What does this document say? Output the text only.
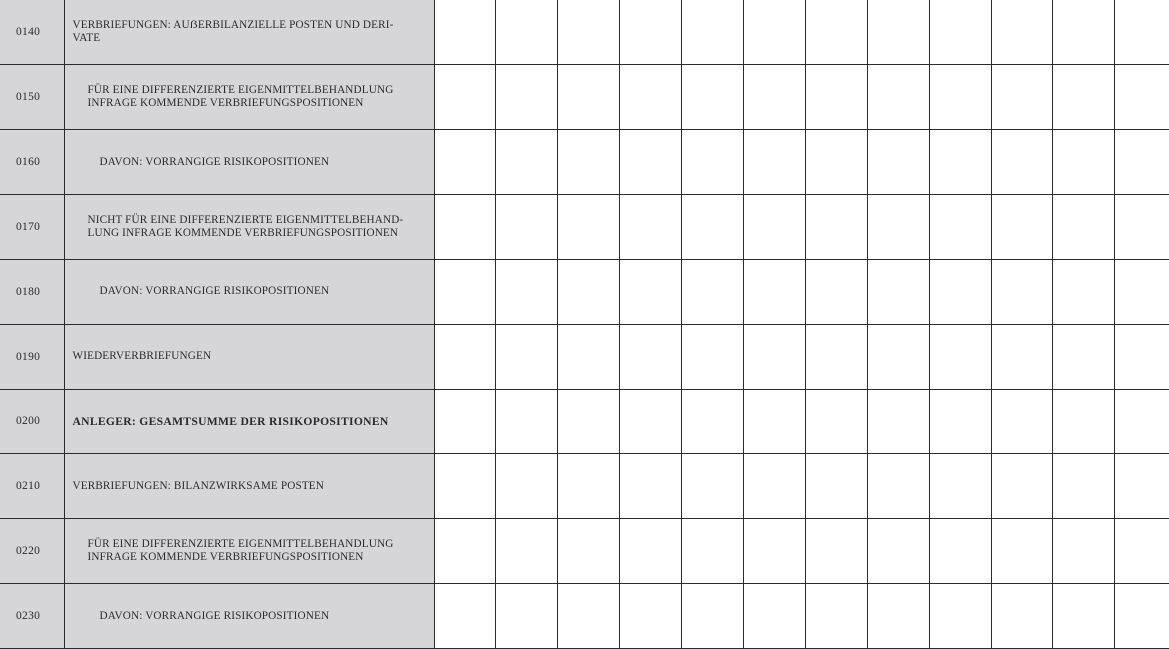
0140	VERBRIEFUNGEN: AUẞERBILANZIELLE POSTEN UND DERI-
VATE												
0150	FÜR EINE DIFFERENZIERTE EIGENMITTELBEHANDLUNG
INFRAGE KOMMENDE VERBRIEFUNGSPOSITIONEN												
0160	DAVON: VORRANGIGE RISIKOPOSITIONEN												
0170	NICHT FÜR EINE DIFFERENZIERTE EIGENMITTELBEHAND-
LUNG INFRAGE KOMMENDE VERBRIEFUNGSPOSITIONEN												
0180	DAVON: VORRANGIGE RISIKOPOSITIONEN												
0190	WIEDERVERBRIEFUNGEN												
0200	ANLEGER: GESAMTSUMME DER RISIKOPOSITIONEN												
0210	VERBRIEFUNGEN: BILANZWIRKSAME POSTEN												
0220	FÜR EINE DIFFERENZIERTE EIGENMITTELBEHANDLUNG
INFRAGE KOMMENDE VERBRIEFUNGSPOSITIONEN												
0230	DAVON: VORRANGIGE RISIKOPOSITIONEN												
